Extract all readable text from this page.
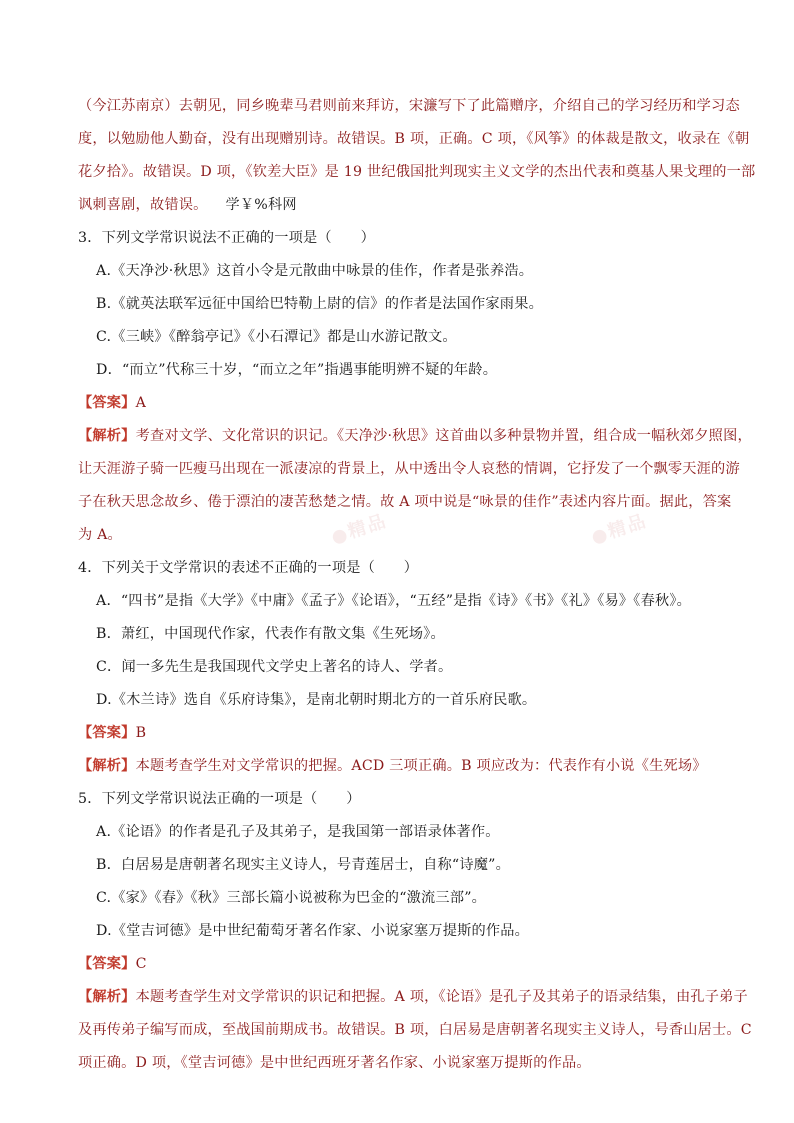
●精品	●精品
（今江苏南京）去朝见，同乡晚辈马君则前来拜访，宋濂写下了此篇赠序，介绍自己的学习经历和学习态
度，以勉励他人勤奋，没有出现赠别诗。故错误。B 项，正确。C 项，《风筝》的体裁是散文，收录在《朝
花夕拾》。故错误。D 项，《钦差大臣》是 19 世纪俄国批判现实主义文学的杰出代表和奠基人果戈理的一部
讽刺喜剧，故错误。 学￥%科网
3．下列文学常识说法不正确的一项是（　　）
A.《天净沙·秋思》这首小令是元散曲中咏景的佳作，作者是张养浩。
B.《就英法联军远征中国给巴特勒上尉的信》的作者是法国作家雨果。
C.《三峡》《醉翁亭记》《小石潭记》都是山水游记散文。
D．“而立”代称三十岁，“而立之年”指遇事能明辨不疑的年龄。
【答案】A
【解析】考查对文学、文化常识的识记。《天净沙·秋思》这首曲以多种景物并置，组合成一幅秋郊夕照图，
让天涯游子骑一匹瘦马出现在一派凄凉的背景上，从中透出令人哀愁的情调，它抒发了一个飘零天涯的游
子在秋天思念故乡、倦于漂泊的凄苦愁楚之情。故 A 项中说是“咏景的佳作”表述内容片面。据此，答案
为 A。
4．下列关于文学常识的表述不正确的一项是（　　）
A．“四书”是指《大学》《中庸》《孟子》《论语》，“五经”是指《诗》《书》《礼》《易》《春秋》。
B．萧红，中国现代作家，代表作有散文集《生死场》。
C．闻一多先生是我国现代文学史上著名的诗人、学者。
D.《木兰诗》选自《乐府诗集》，是南北朝时期北方的一首乐府民歌。
【答案】B
【解析】本题考查学生对文学常识的把握。ACD 三项正确。B 项应改为：代表作有小说《生死场》
5．下列文学常识说法正确的一项是（　　）
A.《论语》的作者是孔子及其弟子，是我国第一部语录体著作。
B．白居易是唐朝著名现实主义诗人，号青莲居士，自称“诗魔”。
C.《家》《春》《秋》三部长篇小说被称为巴金的“激流三部”。
D.《堂吉诃德》是中世纪葡萄牙著名作家、小说家塞万提斯的作品。
【答案】C
【解析】本题考查学生对文学常识的识记和把握。A 项，《论语》是孔子及其弟子的语录结集，由孔子弟子
及再传弟子编写而成，至战国前期成书。故错误。B 项，白居易是唐朝著名现实主义诗人，号香山居士。C
项正确。D 项，《堂吉诃德》是中世纪西班牙著名作家、小说家塞万提斯的作品。
